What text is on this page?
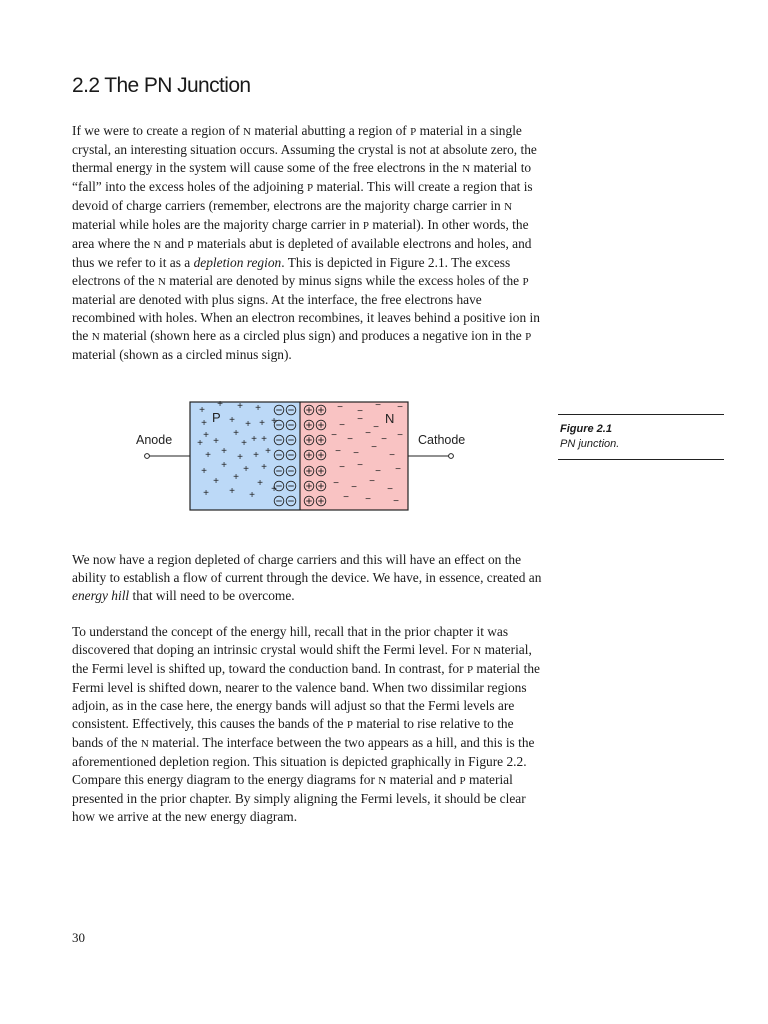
2.2 The PN Junction

If we were to create a region of N material abutting a region of P material in a single crystal, an interesting situation occurs. Assuming the crystal is not at absolute zero, the thermal energy in the system will cause some of the free electrons in the N material to “fall” into the excess holes of the adjoining P material. This will create a region that is devoid of charge carriers (remember, electrons are the majority charge carrier in N material while holes are the majority charge carrier in P material). In other words, the area where the N and P materials abut is depleted of available electrons and holes, and thus we refer to it as a depletion region. This is depicted in Figure 2.1. The excess electrons of the N material are denoted by minus signs while the excess holes of the P material are denoted with plus signs. At the interface, the free electrons have recombined with holes. When an electron recombines, it leaves behind a positive ion in the N material (shown here as a circled plus sign) and produces a negative ion in the P material (shown as a circled minus sign).

Anode	Cathode
P	N
+
+ + +
+ + + + +
+ +
+
+ + + +
+ +
+ + +
+
+ + +
+ +
+
+ + +
+
− −
− −
−
−
−
− −
−
− −
− −
−
−
− −
− −
− −
−
−
− − −
Figure 2.1
PN junction.

We now have a region depleted of charge carriers and this will have an effect on the ability to establish a flow of current through the device. We have, in essence, created an energy hill that will need to be overcome.

To understand the concept of the energy hill, recall that in the prior chapter it was discovered that doping an intrinsic crystal would shift the Fermi level. For N material, the Fermi level is shifted up, toward the conduction band. In contrast, for P material the Fermi level is shifted down, nearer to the valence band. When two dissimilar regions adjoin, as in the case here, the energy bands will adjust so that the Fermi levels are consistent. Effectively, this causes the bands of the P material to rise relative to the bands of the N material. The interface between the two appears as a hill, and this is the aforementioned depletion region. This situation is depicted graphically in Figure 2.2. Compare this energy diagram to the energy diagrams for N material and P material presented in the prior chapter. By simply aligning the Fermi levels, it should be clear how we arrive at the new energy diagram.

30
